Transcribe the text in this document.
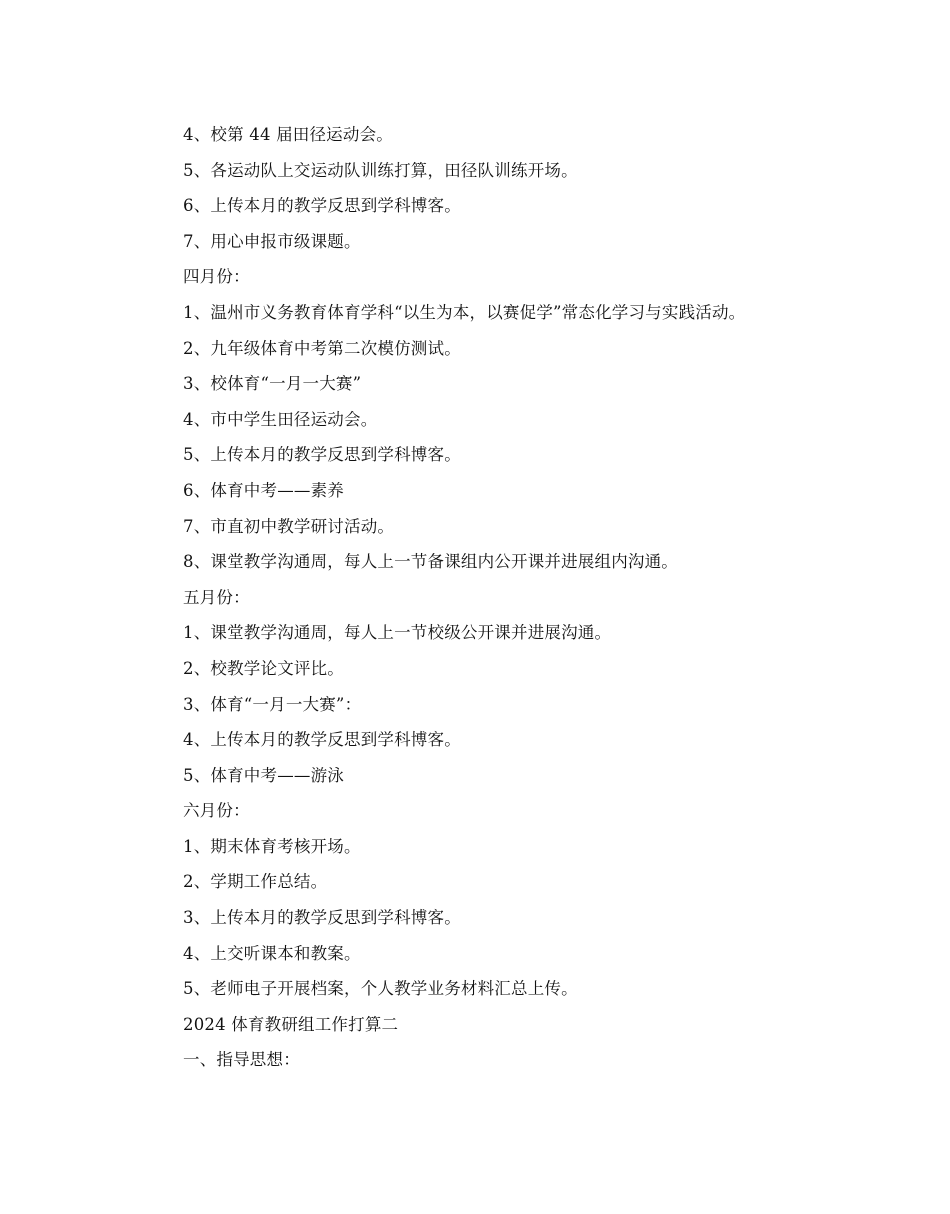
4、校第 44 届田径运动会。
5、各运动队上交运动队训练打算，田径队训练开场。
6、上传本月的教学反思到学科博客。
7、用心申报市级课题。
四月份：
1、温州市义务教育体育学科“以生为本，以赛促学”常态化学习与实践活动。
2、九年级体育中考第二次模仿测试。
3、校体育“一月一大赛”
4、市中学生田径运动会。
5、上传本月的教学反思到学科博客。
6、体育中考——素养
7、市直初中教学研讨活动。
8、课堂教学沟通周，每人上一节备课组内公开课并进展组内沟通。
五月份：
1、课堂教学沟通周，每人上一节校级公开课并进展沟通。
2、校教学论文评比。
3、体育“一月一大赛”：
4、上传本月的教学反思到学科博客。
5、体育中考——游泳
六月份：
1、期末体育考核开场。
2、学期工作总结。
3、上传本月的教学反思到学科博客。
4、上交听课本和教案。
5、老师电子开展档案，个人教学业务材料汇总上传。
2024 体育教研组工作打算二
一、指导思想：
